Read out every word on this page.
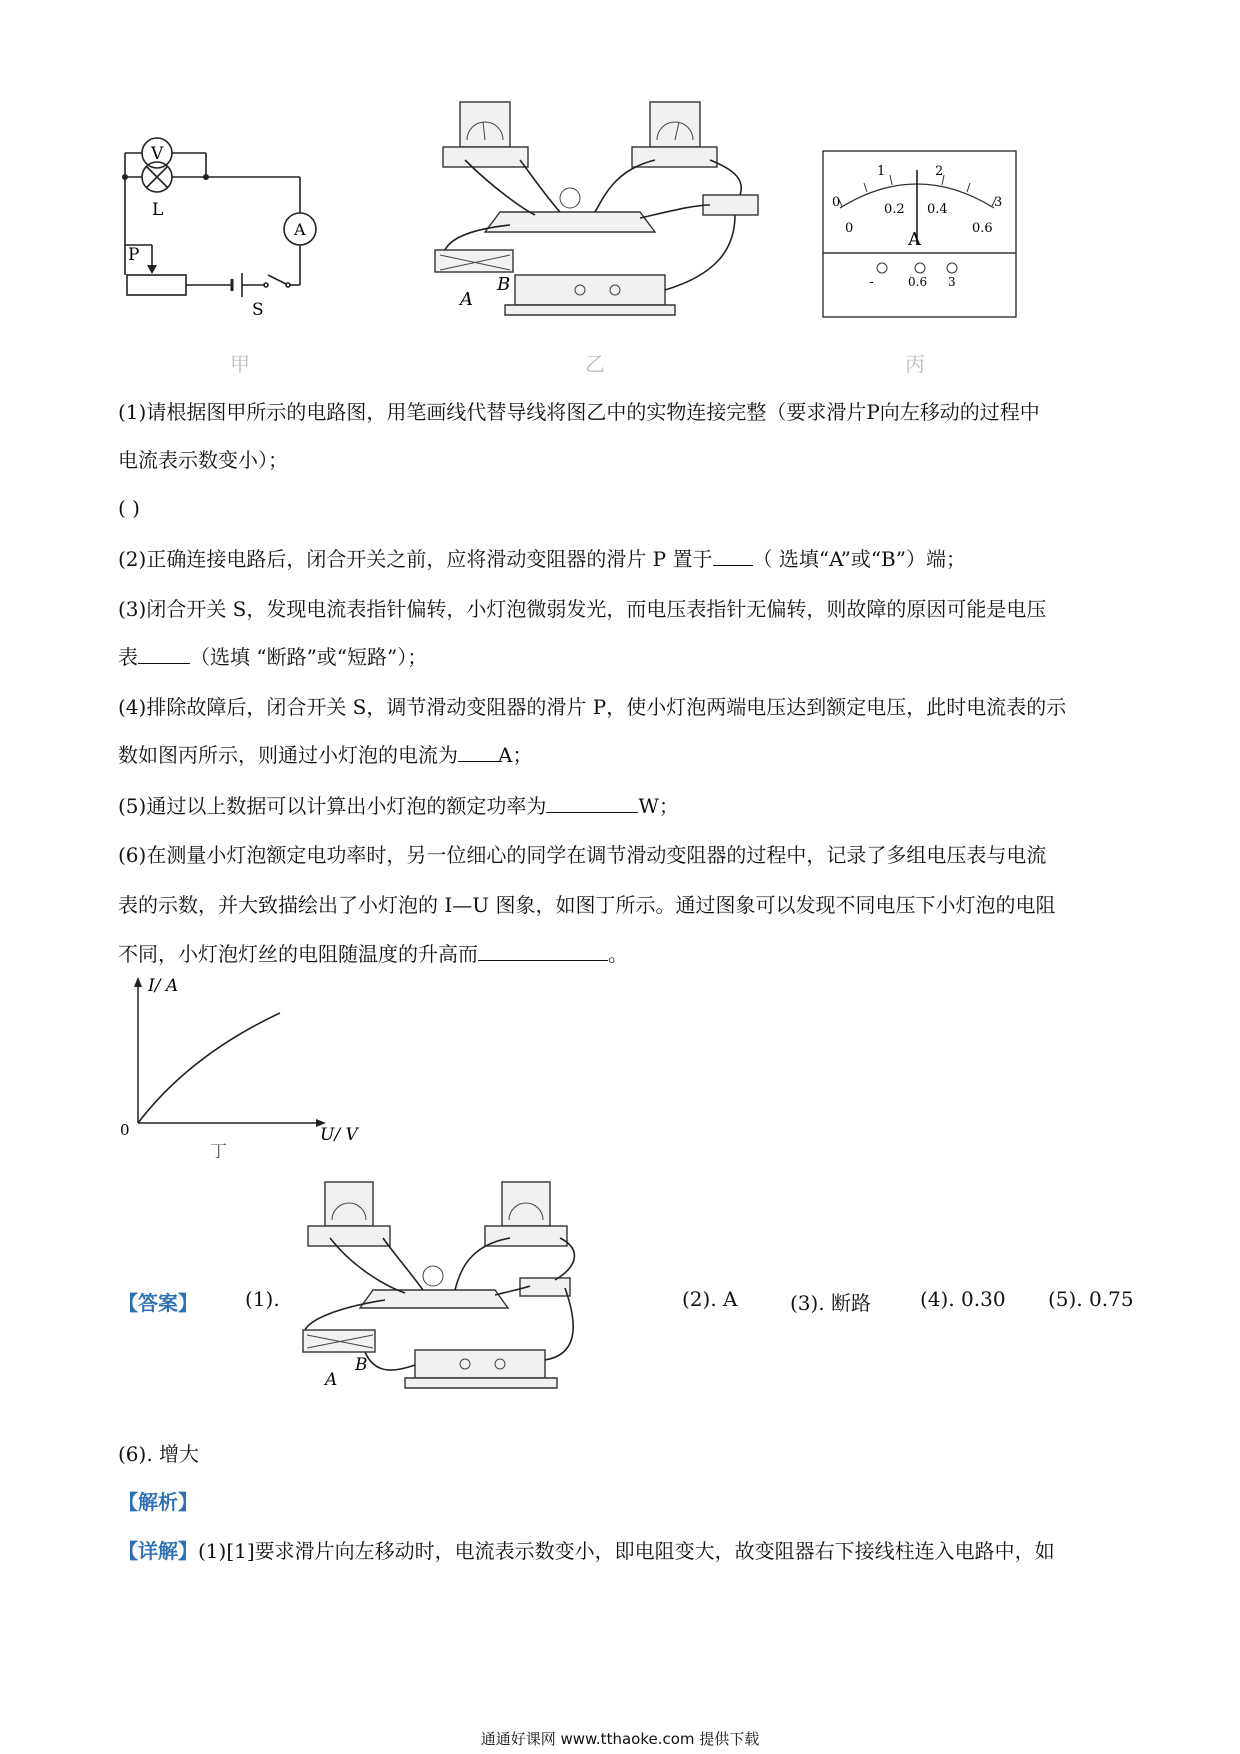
V
L
A
P
S
甲
A
B
乙
0
1	2
3
0
0.2 0.4
0.6
A
-	0.6 3
丙
(1)请根据图甲所示的电路图，用笔画线代替导线将图乙中的实物连接完整（要求滑片P向左移动的过程中
电流表示数变小）；
( )
(2)正确连接电路后，闭合开关之前，应将滑动变阻器的滑片 P 置于 （ 选填“A”或“B”）端；
(3)闭合开关 S，发现电流表指针偏转，小灯泡微弱发光，而电压表指针无偏转，则故障的原因可能是电压
表	（选填 “断路”或“短路”）；
(4)排除故障后，闭合开关 S，调节滑动变阻器的滑片 P，使小灯泡两端电压达到额定电压，此时电流表的示
数如图丙所示，则通过小灯泡的电流为 A；
(5)通过以上数据可以计算出小灯泡的额定功率为	W；
(6)在测量小灯泡额定电功率时，另一位细心的同学在调节滑动变阻器的过程中，记录了多组电压表与电流
表的示数，并大致描绘出了小灯泡的 I—U 图象，如图丁所示。通过图象可以发现不同电压下小灯泡的电阻
不同，小灯泡灯丝的电阻随温度的升高而	。
I/ A
0	U/ V
丁
【答案】 (1).
A
B
(2). A	(3). 断路 (4). 0.30 (5). 0.75
(6). 增大
【解析】
【详解】(1)[1]要求滑片向左移动时，电流表示数变小，即电阻变大，故变阻器右下接线柱连入电路中，如
通通好课网 www.tthaoke.com 提供下载
